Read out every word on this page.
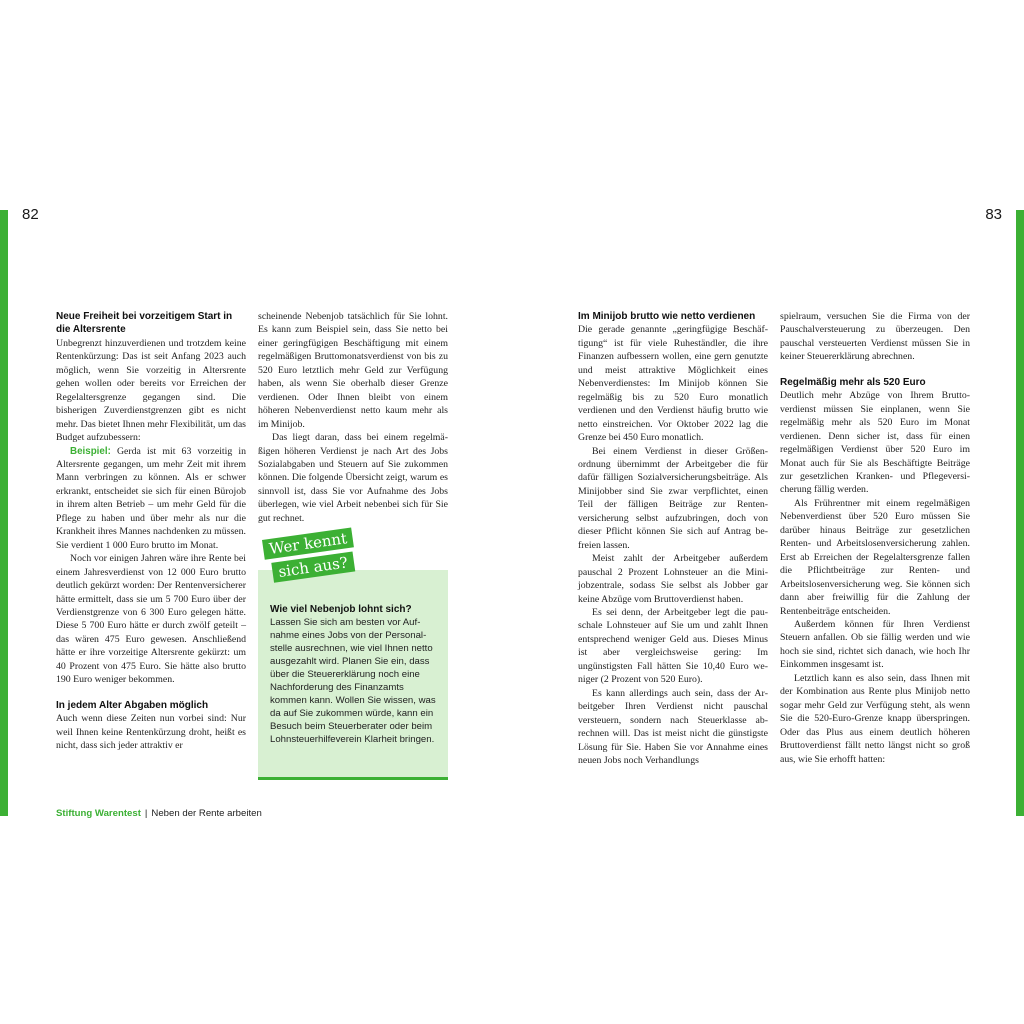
82	83
Neue Freiheit bei vorzeitigem Start in die Altersrente

Unbegrenzt hinzuverdienen und trotzdem keine Rentenkürzung: Das ist seit Anfang 2023 auch möglich, wenn Sie vorzeitig in Altersrente gehen wollen oder bereits vor Erreichen der Regelaltersgrenze gegangen sind. Die bisherigen Zuverdienstgrenzen gibt es nicht mehr. Das bietet Ihnen mehr Flexibilität, um das Budget aufzubessern:

Beispiel: Gerda ist mit 63 vorzeitig in Altersrente gegangen, um mehr Zeit mit ihrem Mann verbringen zu können. Als er schwer erkrankt, entscheidet sie sich für einen Bürojob in ihrem alten Betrieb – um mehr Geld für die Pflege zu haben und über mehr als nur die Krankheit ihres Mannes nachdenken zu müssen. Sie verdient 1 000 Euro brutto im Monat.

Noch vor einigen Jahren wäre ihre Rente bei einem Jahresverdienst von 12 000 Euro brutto deutlich gekürzt worden: Der Rentenversicherer hätte ermittelt, dass sie um 5 700 Euro über der Verdienstgrenze von 6 300 Euro gelegen hätte. Diese 5 700 Euro hätte er durch zwölf geteilt – das wären 475 Euro gewesen. Anschließend hätte er ihre vorzeitige Altersrente gekürzt: um 40 Prozent von 475 Euro. Sie hätte also brutto 190 Euro weniger bekommen.

In jedem Alter Abgaben möglich

Auch wenn diese Zeiten nun vorbei sind: Nur weil Ihnen keine Rentenkürzung droht, heißt es nicht, dass sich jeder attraktiv er

scheinende Nebenjob tatsächlich für Sie lohnt. Es kann zum Beispiel sein, dass Sie netto bei einer geringfügigen Beschäftigung mit einem regelmäßigen Bruttomonatsverdienst von bis zu 520 Euro letztlich mehr Geld zur Verfügung haben, als wenn Sie oberhalb dieser Grenze verdienen. Oder Ihnen bleibt von einem höheren Nebenverdienst netto kaum mehr als im Minijob.

Das liegt daran, dass bei einem regelmäßigen höheren Verdienst je nach Art des Jobs Sozialabgaben und Steuern auf Sie zukommen können. Die folgende Übersicht zeigt, warum es sinnvoll ist, dass Sie vor Aufnahme des Jobs überlegen, wie viel Arbeit nebenbei sich für Sie gut rechnet.

Wie viel Nebenjob lohnt sich?

Lassen Sie sich am besten vor Aufnahme eines Jobs von der Personalstelle ausrechnen, wie viel Ihnen netto ausgezahlt wird. Planen Sie ein, dass über die Steuererklärung noch eine Nachforderung des Finanzamts kommen kann. Wollen Sie wissen, was da auf Sie zukommen würde, kann ein Besuch beim Steuerberater oder beim Lohnsteuerhilfeverein Klarheit bringen.

Wer kennt
sich aus?
Im Minijob brutto wie netto verdienen

Die gerade genannte „geringfügige Beschäftigung“ ist für viele Ruheständler, die ihre Finanzen aufbessern wollen, eine gern genutzte und meist attraktive Möglichkeit eines Nebenverdienstes: Im Minijob können Sie regelmäßig bis zu 520 Euro monatlich verdienen und den Verdienst häufig brutto wie netto einstreichen. Vor Oktober 2022 lag die Grenze bei 450 Euro monatlich.

Bei einem Verdienst in dieser Größenordnung übernimmt der Arbeitgeber die für dafür fälligen Sozialversicherungsbeiträge. Als Minijobber sind Sie zwar verpflichtet, einen Teil der fälligen Beiträge zur Rentenversicherung selbst aufzubringen, doch von dieser Pflicht können Sie sich auf Antrag befreien lassen.

Meist zahlt der Arbeitgeber außerdem pauschal 2 Prozent Lohnsteuer an die Minijobzentrale, sodass Sie selbst als Jobber gar keine Abzüge vom Bruttoverdienst haben.

Es sei denn, der Arbeitgeber legt die pauschale Lohnsteuer auf Sie um und zahlt Ihnen entsprechend weniger Geld aus. Dieses Minus ist aber vergleichsweise gering: Im ungünstigsten Fall hätten Sie 10,40 Euro weniger (2 Prozent von 520 Euro).

Es kann allerdings auch sein, dass der Arbeitgeber Ihren Verdienst nicht pauschal versteuern, sondern nach Steuerklasse abrechnen will. Das ist meist nicht die günstigste Lösung für Sie. Haben Sie vor Annahme eines neuen Jobs noch Verhandlungs

spielraum, versuchen Sie die Firma von der Pauschalversteuerung zu überzeugen. Den pauschal versteuerten Verdienst müssen Sie in keiner Steuererklärung abrechnen.

Regelmäßig mehr als 520 Euro

Deutlich mehr Abzüge von Ihrem Bruttoverdienst müssen Sie einplanen, wenn Sie regelmäßig mehr als 520 Euro im Monat verdienen. Denn sicher ist, dass für einen regelmäßigen Verdienst über 520 Euro im Monat auch für Sie als Beschäftigte Beiträge zur gesetzlichen Kranken- und Pflegeversicherung fällig werden.

Als Frührentner mit einem regelmäßigen Nebenverdienst über 520 Euro müssen Sie darüber hinaus Beiträge zur gesetzlichen Renten- und Arbeitslosenversicherung zahlen. Erst ab Erreichen der Regelaltersgrenze fallen die Pflichtbeiträge zur Renten- und Arbeitslosenversicherung weg. Sie können sich dann aber freiwillig für die Zahlung der Rentenbeiträge entscheiden.

Außerdem können für Ihren Verdienst Steuern anfallen. Ob sie fällig werden und wie hoch sie sind, richtet sich danach, wie hoch Ihr Einkommen insgesamt ist.

Letztlich kann es also sein, dass Ihnen mit der Kombination aus Rente plus Minijob netto sogar mehr Geld zur Verfügung steht, als wenn Sie die 520-Euro-Grenze knapp überspringen. Oder das Plus aus einem deutlich höheren Bruttoverdienst fällt netto längst nicht so groß aus, wie Sie erhofft hatten:

Stiftung Warentest | Neben der Rente arbeiten
